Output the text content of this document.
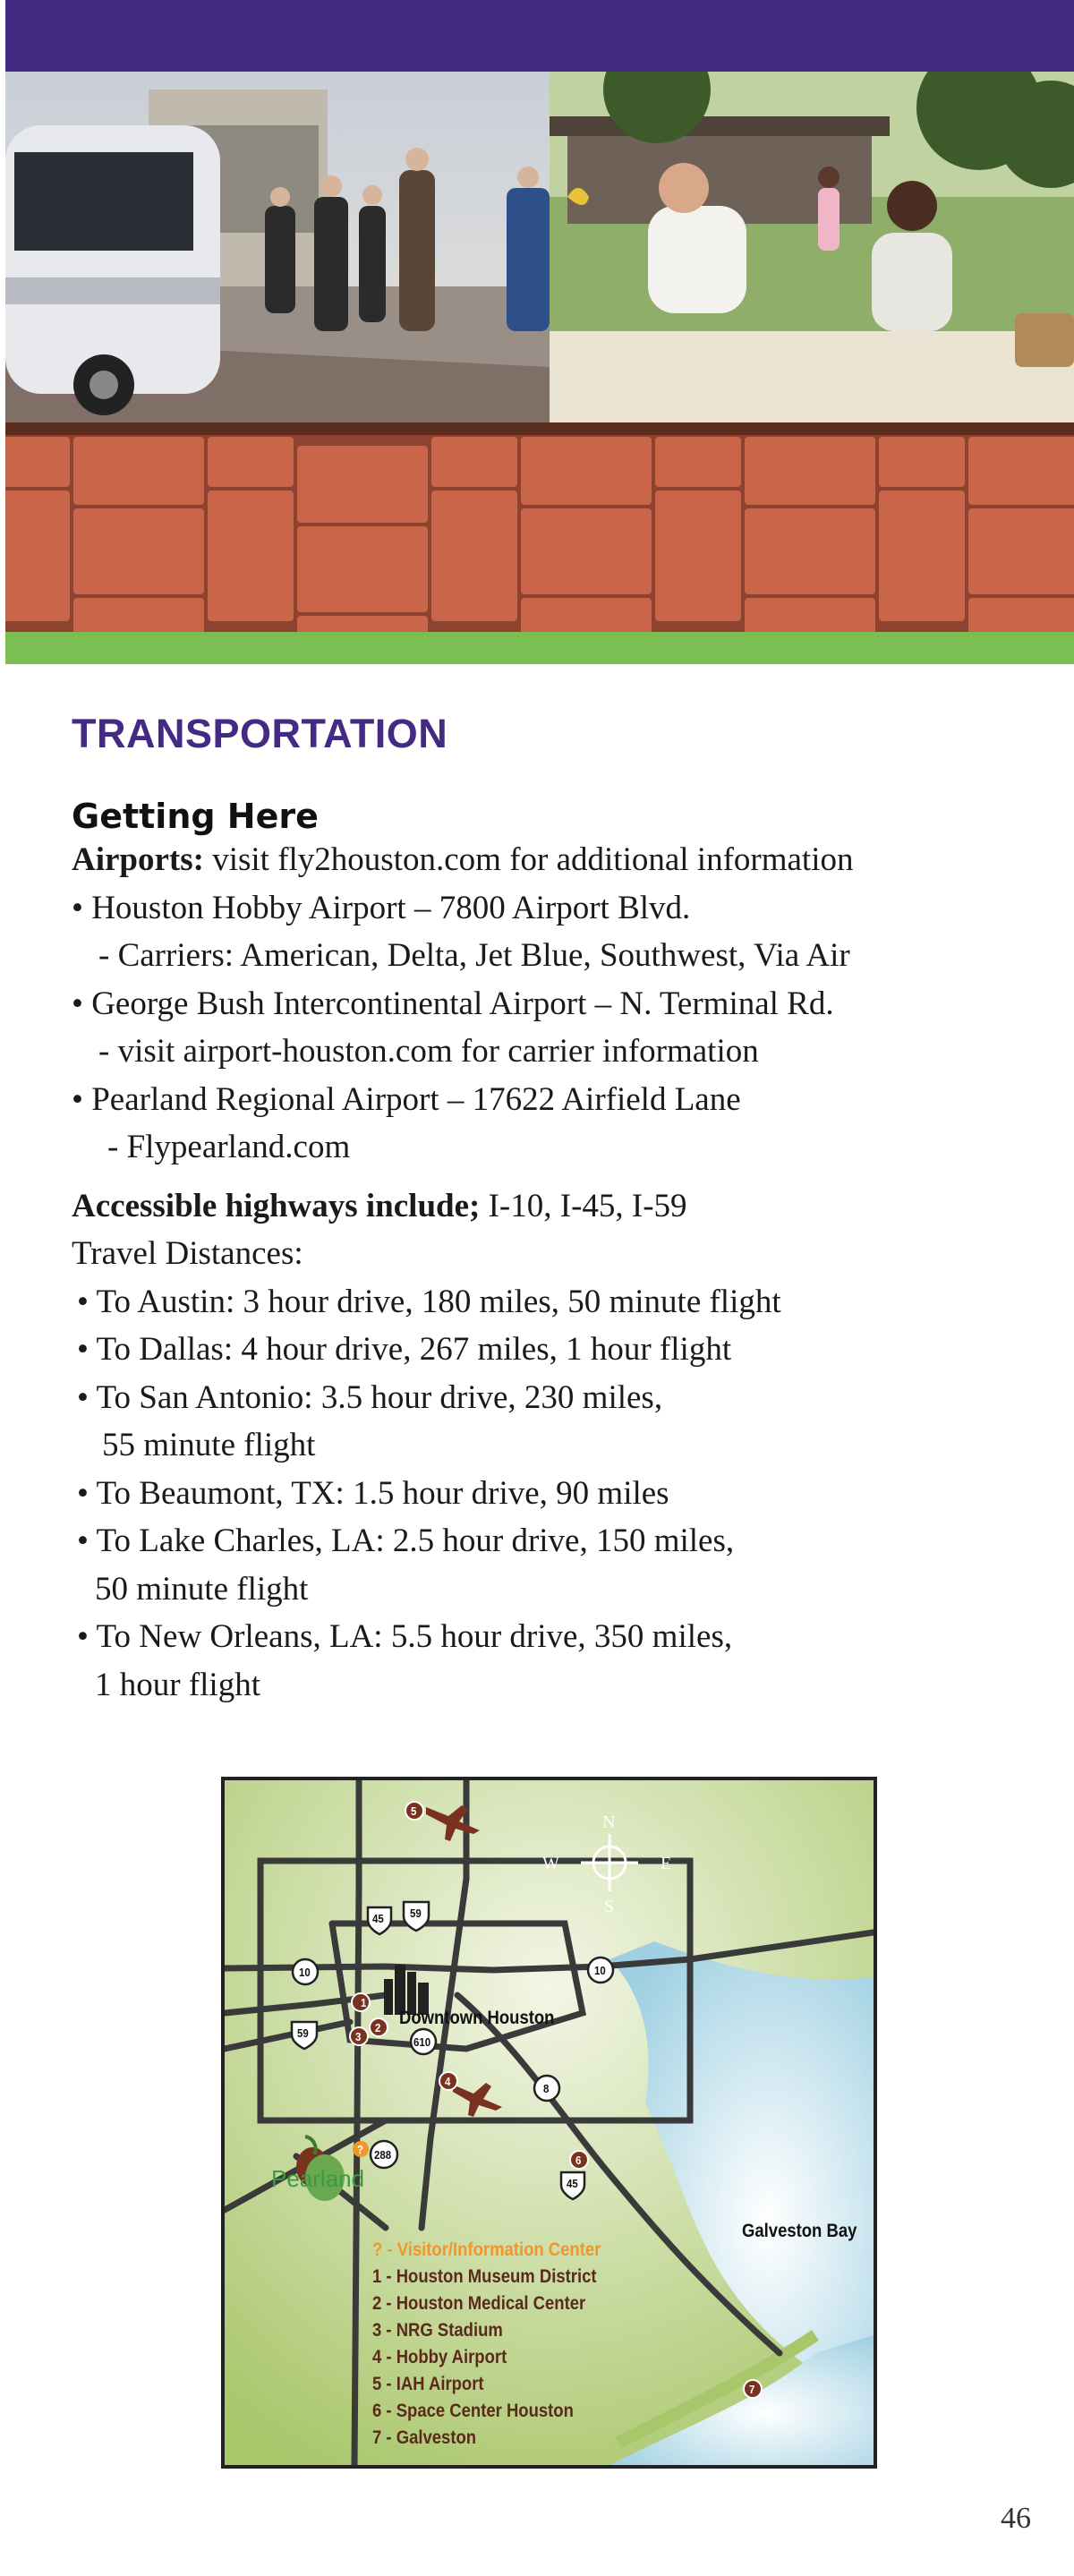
TRANSPORTATION
Getting Here
Airports: visit fly2houston.com for additional information
• Houston Hobby Airport – 7800 Airport Blvd.
- Carriers: American, Delta, Jet Blue, Southwest, Via Air
• George Bush Intercontinental Airport – N. Terminal Rd.
- visit airport-houston.com for carrier information
• Pearland Regional Airport – 17622 Airfield Lane
- Flypearland.com
Accessible highways include; I-10, I-45, I-59
Travel Distances:
• To Austin: 3 hour drive, 180 miles, 50 minute flight
• To Dallas: 4 hour drive, 267 miles, 1 hour flight
• To San Antonio: 3.5 hour drive, 230 miles,
55 minute flight
• To Beaumont, TX: 1.5 hour drive, 90 miles
• To Lake Charles, LA: 2.5 hour drive, 150 miles,
50 minute flight
• To New Orleans, LA: 5.5 hour drive, 350 miles,
1 hour flight
Downtown Houston
Galveston Bay
Pearland
N
S
E
W
45 59
10	10
59
610
8
288
45
1
2
3
4
5
6
7
?
? - Visitor/Information Center
1 - Houston Museum District
2 - Houston Medical Center
3 - NRG Stadium
4 - Hobby Airport
5 - IAH Airport
6 - Space Center Houston
7 - Galveston
46
